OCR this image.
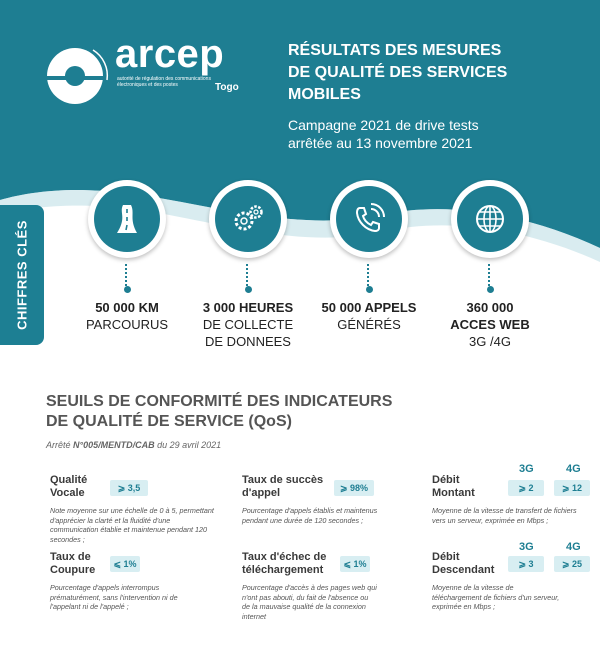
arcep
autorité de régulation des communications électroniques et des postes	Togo
RÉSULTATS DES MESURES
DE QUALITÉ DES SERVICES
MOBILES

Campagne 2021 de drive tests
arrêtée au 13 novembre 2021

CHIFFRES CLÉS	50 000 KM
PARCOURUS
3 000 HEURES
DE COLLECTE
DE DONNEES
50 000 APPELS
GÉNÉRÉS
360 000
ACCES WEB
3G /4G
SEUILS DE CONFORMITÉ DES INDICATEURS
DE QUALITÉ DE SERVICE (QoS)
Arrêté N°005/MENTD/CAB du 29 avril 2021
Qualité
Vocale
Note moyenne sur une échelle de 0 à 5, permettant d'apprécier la clarté et la fluidité d'une communication établie et maintenue pendant 120 secondes ;
⩾ 3,5
Taux de succès
d'appel
Pourcentage d'appels établis et maintenus pendant une durée de 120 secondes ;
⩾ 98%
3G	4G
Débit
Montant
Moyenne de la vitesse de transfert de fichiers vers un serveur, exprimée en Mbps ;
⩾ 2	⩾ 12
Taux de
Coupure
Pourcentage d'appels interrompus prématurément, sans l'intervention ni de l'appelant ni de l'appelé ;
⩽ 1%
Taux d'échec de
téléchargement
Pourcentage d'accès à des pages web qui n'ont pas abouti, du fait de l'absence ou de la mauvaise qualité de la connexion internet
⩽ 1%
3G	4G
Débit
Descendant
Moyenne de la vitesse de téléchargement de fichiers d'un serveur, exprimée en Mbps ;
⩾ 3	⩾ 25
